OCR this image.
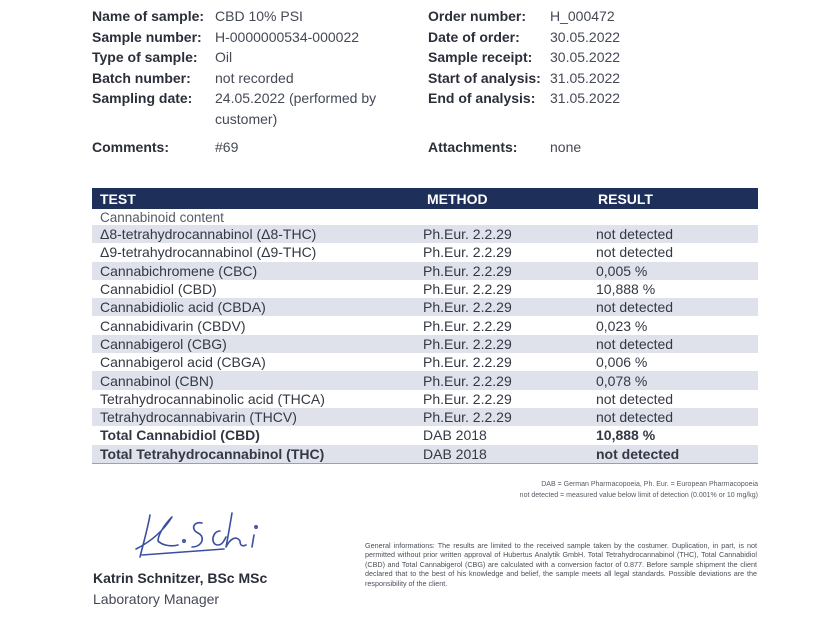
Name of sample: CBD 10% PSI
Sample number: H-0000000534-000022
Type of sample:	Oil
Batch number:	not recorded
Sampling date:	24.05.2022 (performed by customer)
Comments:	#69
Order number:	H_000472
Date of order:	30.05.2022
Sample receipt:	30.05.2022
Start of analysis: 31.05.2022
End of analysis:	31.05.2022
Attachments:	none
TEST	METHOD	RESULT
Cannabinoid content		
Δ8-tetrahydrocannabinol (Δ8-THC)	Ph.Eur. 2.2.29	not detected
Δ9-tetrahydrocannabinol (Δ9-THC)	Ph.Eur. 2.2.29	not detected
Cannabichromene (CBC)	Ph.Eur. 2.2.29	0,005 %
Cannabidiol (CBD)	Ph.Eur. 2.2.29	10,888 %
Cannabidiolic acid (CBDA)	Ph.Eur. 2.2.29	not detected
Cannabidivarin (CBDV)	Ph.Eur. 2.2.29	0,023 %
Cannabigerol (CBG)	Ph.Eur. 2.2.29	not detected
Cannabigerol acid (CBGA)	Ph.Eur. 2.2.29	0,006 %
Cannabinol (CBN)	Ph.Eur. 2.2.29	0,078 %
Tetrahydrocannabinolic acid (THCA)	Ph.Eur. 2.2.29	not detected
Tetrahydrocannabivarin (THCV)	Ph.Eur. 2.2.29	not detected
Total Cannabidiol (CBD)	DAB 2018	10,888 %
Total Tetrahydrocannabinol (THC)	DAB 2018	not detected
DAB = German Pharmacopoeia, Ph. Eur. = European Pharmacopoeia
not detected = measured value below limit of detection (0.001% or 10 mg/kg)
Katrin Schnitzer, BSc MSc
Laboratory Manager
General informations: The results are limited to the received sample taken by the costumer. Duplication, in part, is not permitted without prior written approval of Hubertus Analytik GmbH. Total Tetrahydrocannabinol (THC), Total Cannabidiol (CBD) and Total Cannabigerol (CBG) are calculated with a conversion factor of 0.877. Before sample shipment the client declared that to the best of his knowledge and belief, the sample meets all legal standards. Possible deviations are the responsibility of the client.
